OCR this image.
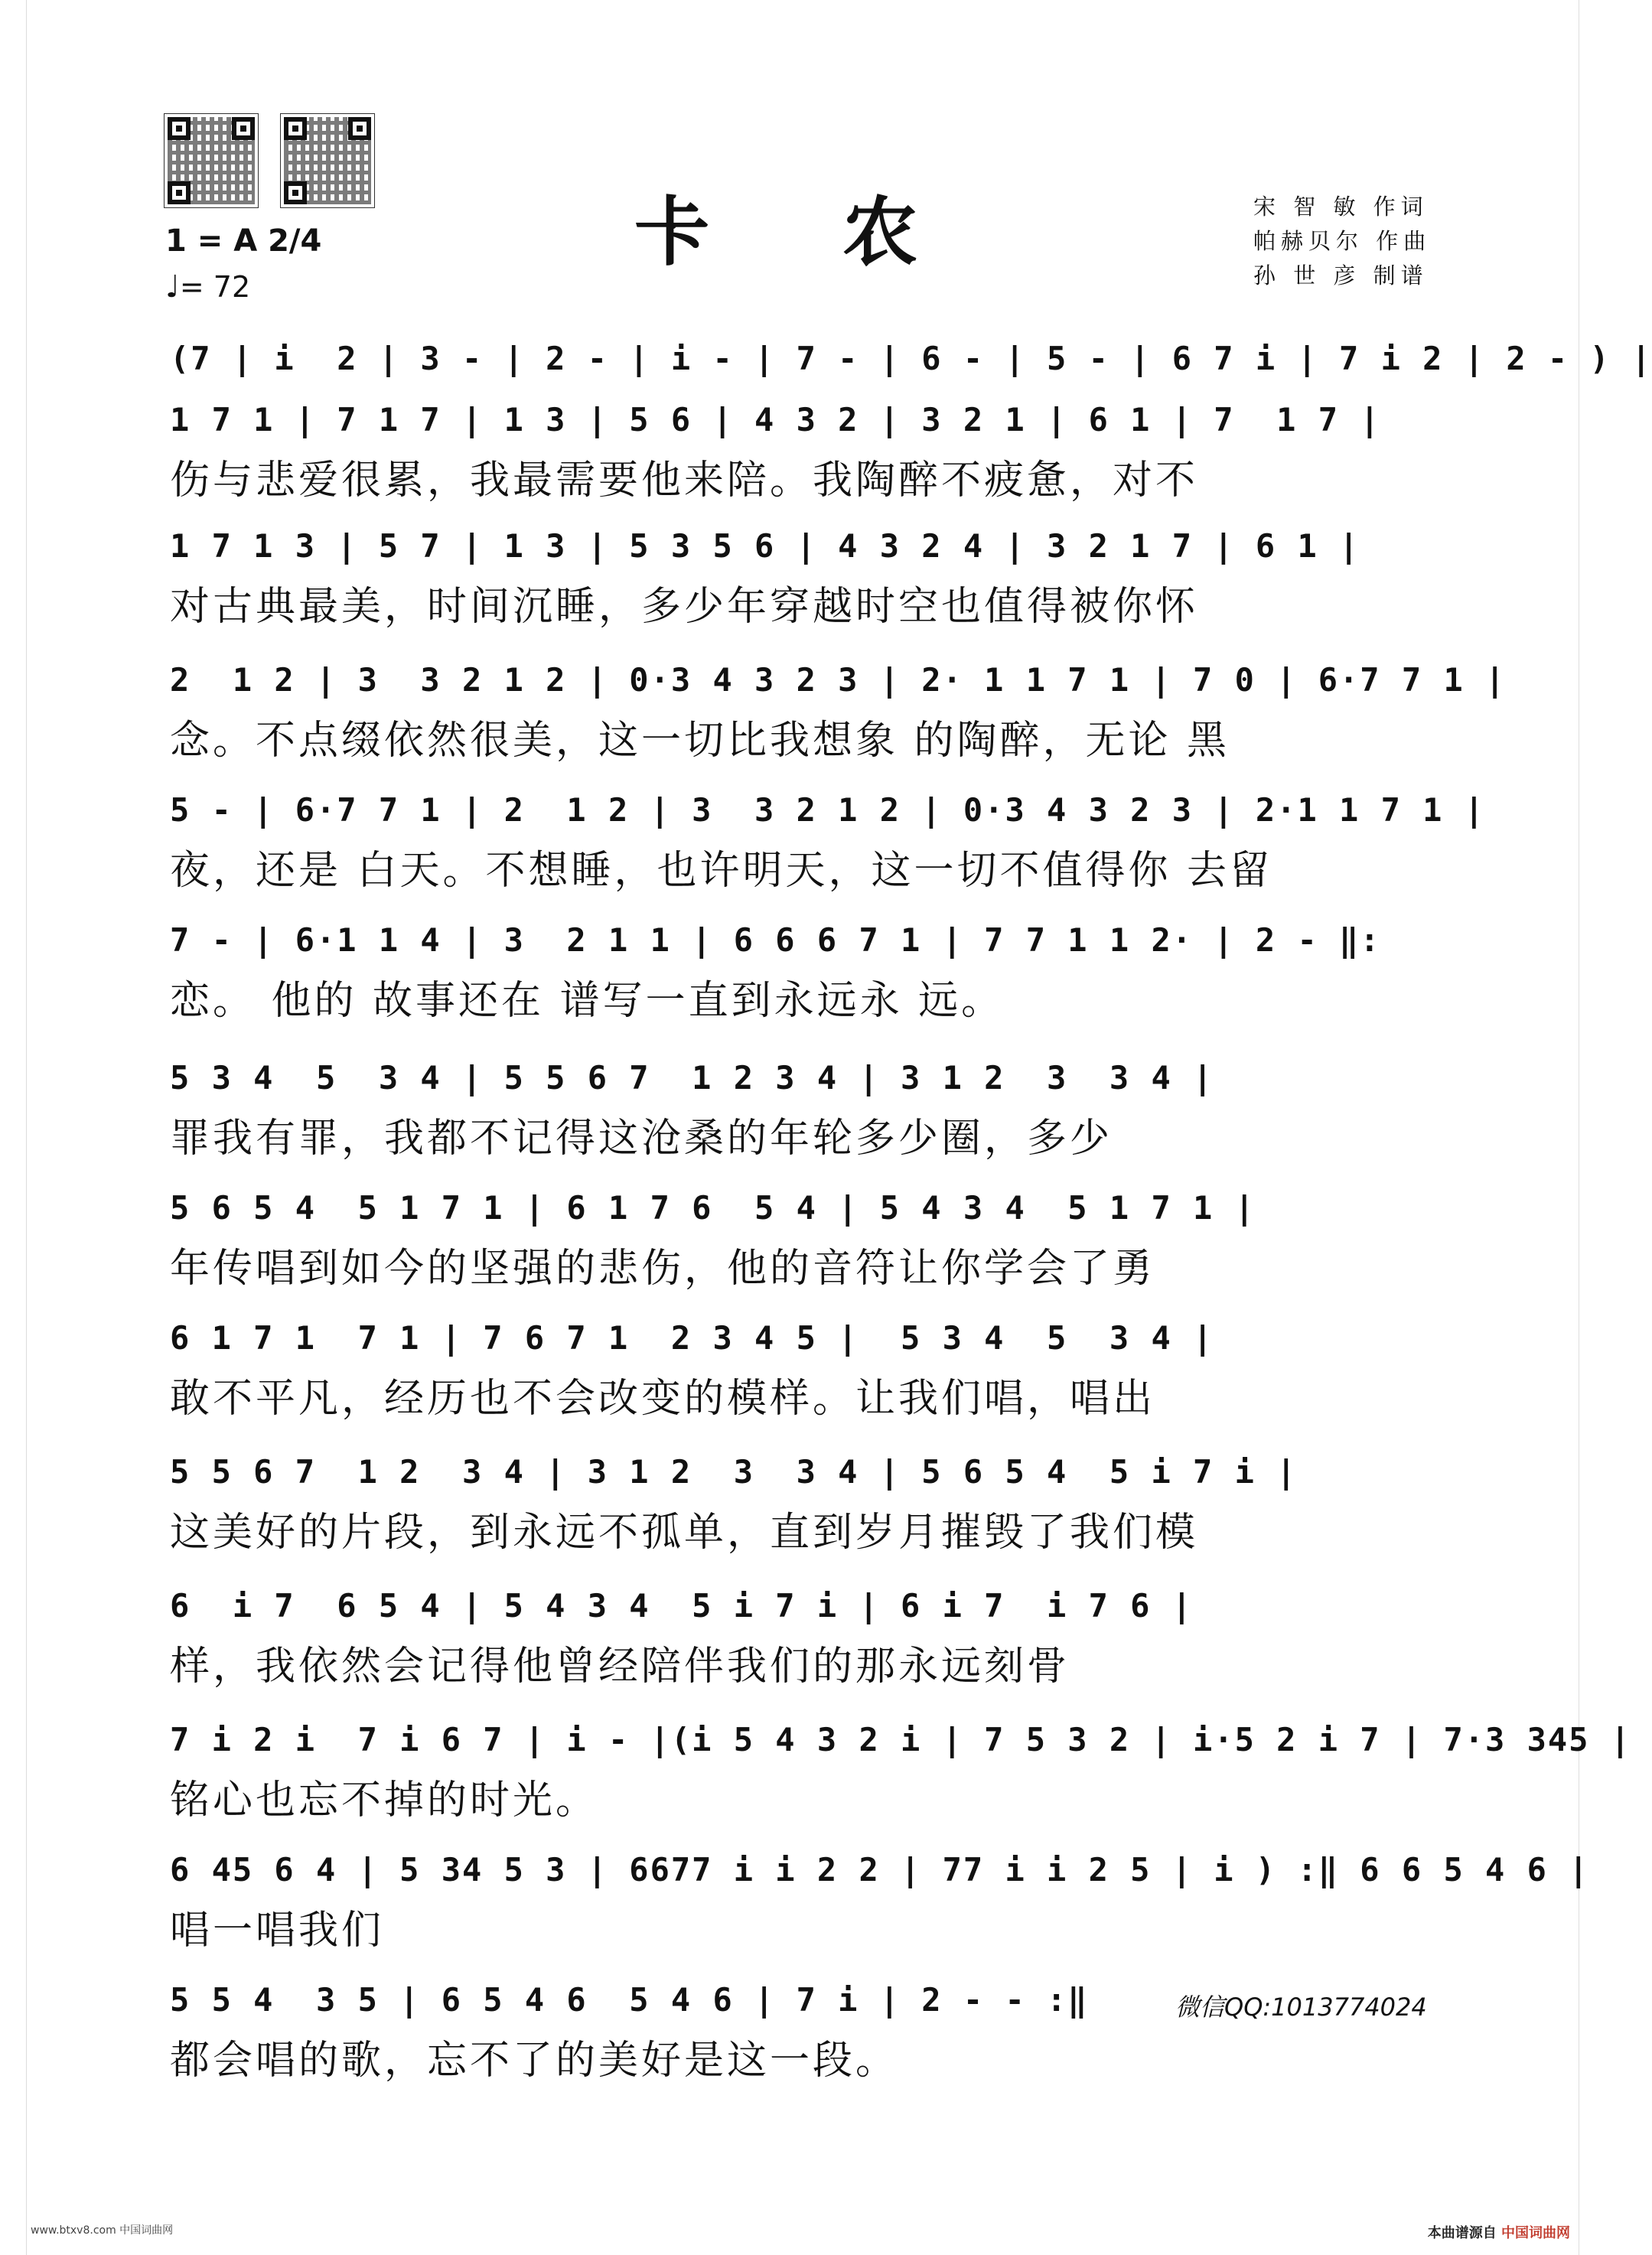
卡 农	宋 智 敏 作词
帕赫贝尔 作曲
孙 世 彦 制谱
1 = A 2/4
♩= 72
(7 | i  2 | 3 - | 2 - | i - | 7 - | 6 - | 5 - | 6 7 i | 7 i 2 | 2 - ) |
1 7 1 | 7 1 7 | 1 3 | 5 6 | 4 3 2 | 3 2 1 | 6 1 | 7  1 7 |
伤与悲爱很累，我最需要他来陪。我陶醉不疲惫，对不
1 7 1 3 | 5 7 | 1 3 | 5 3 5 6 | 4 3 2 4 | 3 2 1 7 | 6 1 |
对古典最美，时间沉睡，多少年穿越时空也值得被你怀
2  1 2 | 3  3 2 1 2 | 0·3 4 3 2 3 | 2· 1 1 7 1 | 7 0 | 6·7 7 1 |
念。不点缀依然很美，这一切比我想象 的陶醉，无论 黑
5 - | 6·7 7 1 | 2  1 2 | 3  3 2 1 2 | 0·3 4 3 2 3 | 2·1 1 7 1 |
夜，还是 白天。不想睡，也许明天，这一切不值得你 去留
7 - | 6·1 1 4 | 3  2 1 1 | 6 6 6 7 1 | 7 7 1 1 2· | 2 - ‖:
恋。 他的 故事还在 谱写一直到永远永 远。
5 3 4  5  3 4 | 5 5 6 7  1 2 3 4 | 3 1 2  3  3 4 |
罪我有罪，我都不记得这沧桑的年轮多少圈，多少
5 6 5 4  5 1 7 1 | 6 1 7 6  5 4 | 5 4 3 4  5 1 7 1 |
年传唱到如今的坚强的悲伤，他的音符让你学会了勇
6 1 7 1  7 1 | 7 6 7 1  2 3 4 5 |  5 3 4  5  3 4 |
敢不平凡，经历也不会改变的模样。让我们唱，唱出
5 5 6 7  1 2  3 4 | 3 1 2  3  3 4 | 5 6 5 4  5 i 7 i |
这美好的片段，到永远不孤单，直到岁月摧毁了我们模
6  i 7  6 5 4 | 5 4 3 4  5 i 7 i | 6 i 7  i 7 6 |
样，我依然会记得他曾经陪伴我们的那永远刻骨
7 i 2 i  7 i 6 7 | i - |(i 5 4 3 2 i | 7 5 3 2 | i·5 2 i 7 | 7·3 345 |
铭心也忘不掉的时光。
6 45 6 4 | 5 34 5 3 | 6677 i i 2 2 | 77 i i 2 5 | i ) :‖ 6 6 5 4 6 |
唱一唱我们
5 5 4  3 5 | 6 5 4 6  5 4 6 | 7 i | 2 - - :‖
都会唱的歌，忘不了的美好是这一段。
微信QQ:1013774024
www.btxv8.com 中国词曲网	本曲谱源自 中国词曲网
